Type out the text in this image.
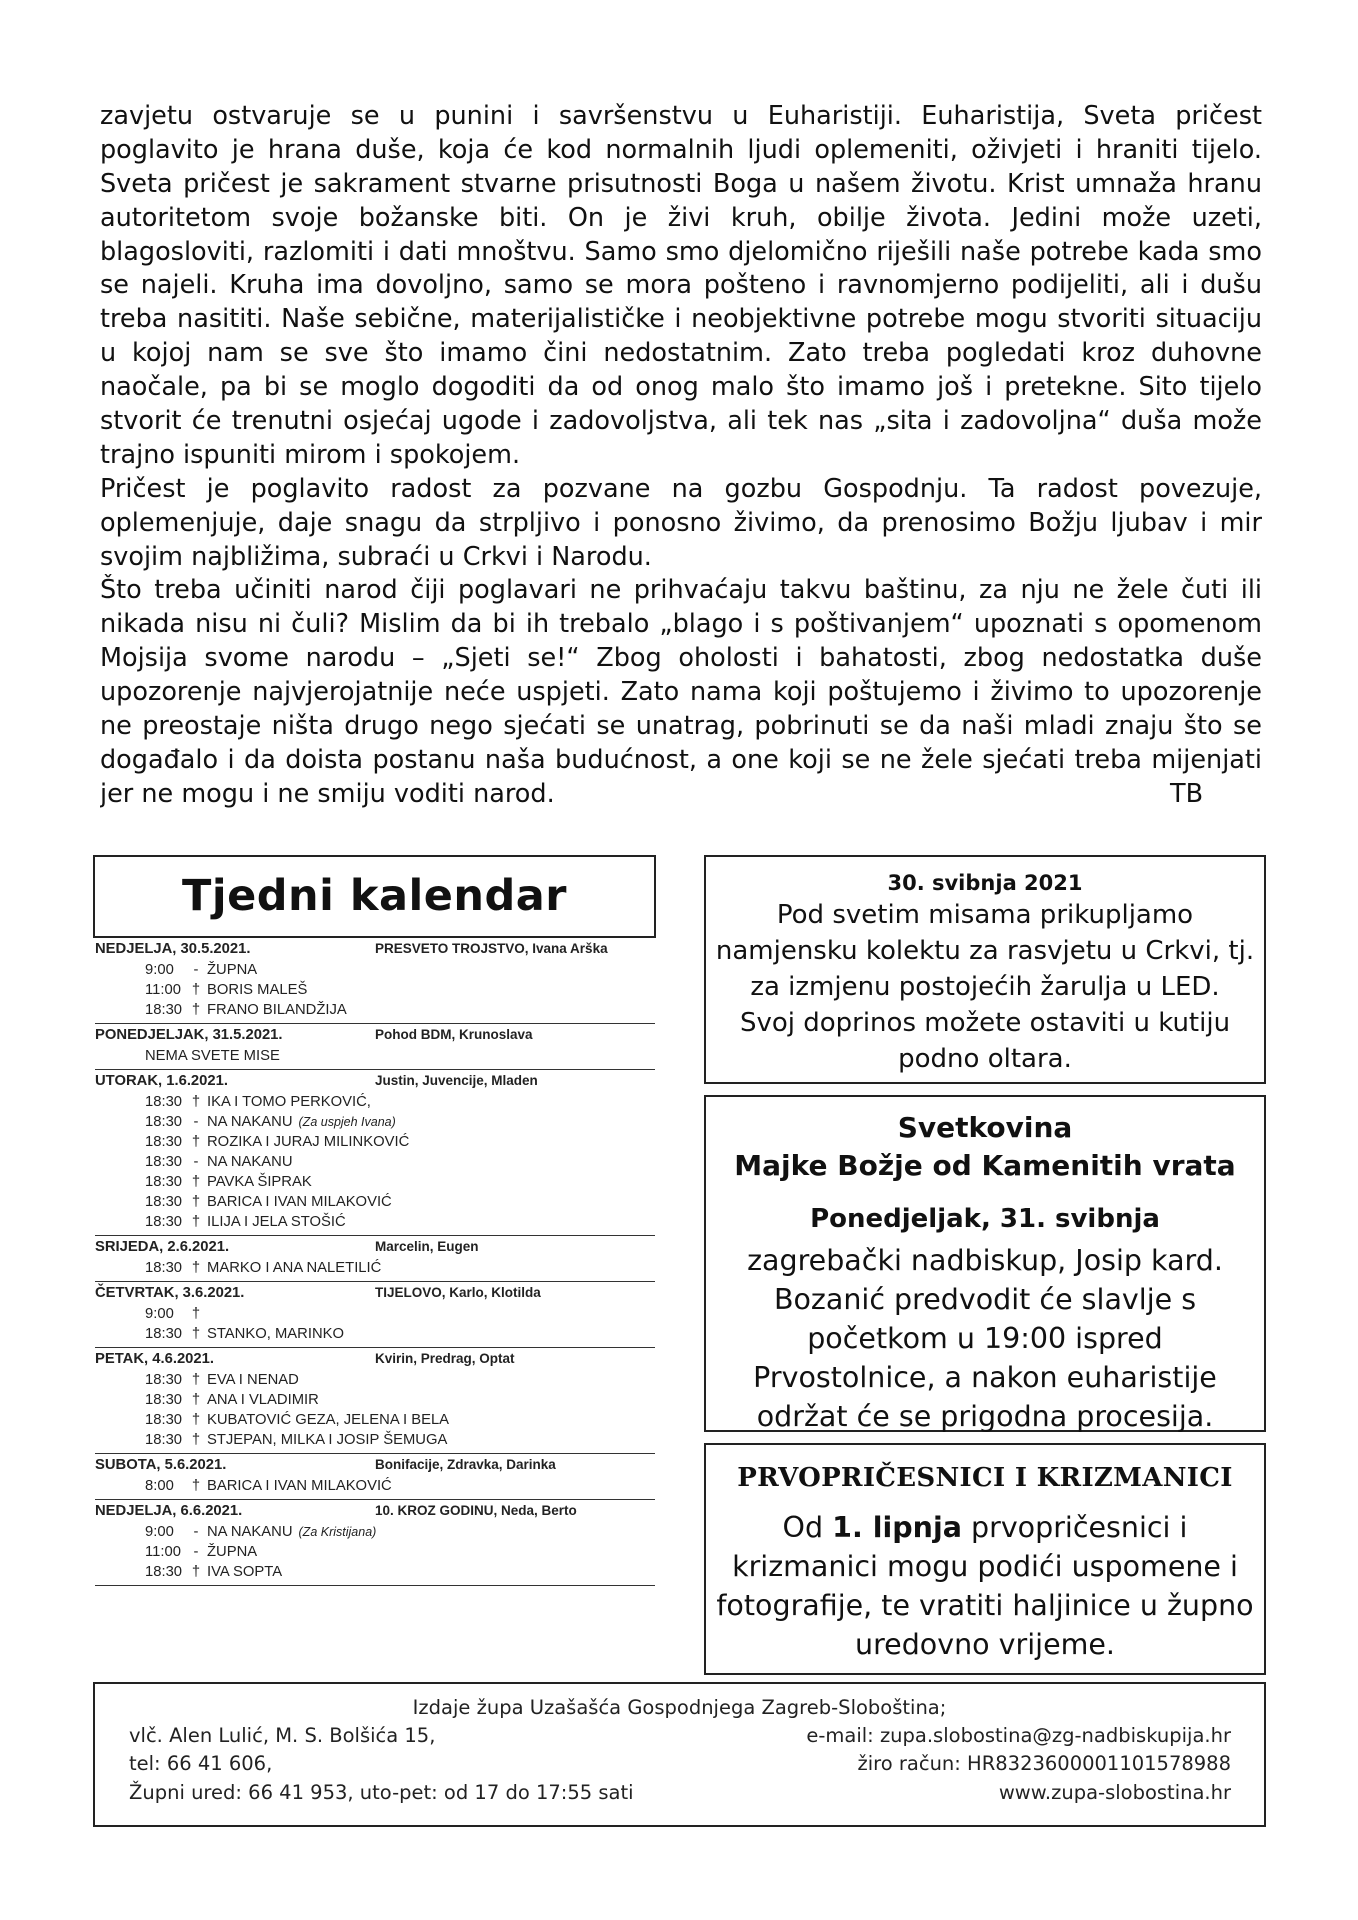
zavjetu ostvaruje se u punini i savršenstvu u Euharistiji. Euharistija, Sveta pričest
poglavito je hrana duše, koja će kod normalnih ljudi oplemeniti, oživjeti i hraniti tijelo.
Sveta pričest je sakrament stvarne prisutnosti Boga u našem životu. Krist umnaža hranu
autoritetom svoje božanske biti. On je živi kruh, obilje života. Jedini može uzeti,
blagosloviti, razlomiti i dati mnoštvu. Samo smo djelomično riješili naše potrebe kada smo
se najeli. Kruha ima dovoljno, samo se mora pošteno i ravnomjerno podijeliti, ali i dušu
treba nasititi. Naše sebične, materijalističke i neobjektivne potrebe mogu stvoriti situaciju
u kojoj nam se sve što imamo čini nedostatnim. Zato treba pogledati kroz duhovne
naočale, pa bi se moglo dogoditi da od onog malo što imamo još i pretekne. Sito tijelo
stvorit će trenutni osjećaj ugode i zadovoljstva, ali tek nas „sita i zadovoljna“ duša može
trajno ispuniti mirom i spokojem.
Pričest je poglavito radost za pozvane na gozbu Gospodnju. Ta radost povezuje,
oplemenjuje, daje snagu da strpljivo i ponosno živimo, da prenosimo Božju ljubav i mir
svojim najbližima, subraći u Crkvi i Narodu.
Što treba učiniti narod čiji poglavari ne prihvaćaju takvu baštinu, za nju ne žele čuti ili
nikada nisu ni čuli? Mislim da bi ih trebalo „blago i s poštivanjem“ upoznati s opomenom
Mojsija svome narodu – „Sjeti se!“ Zbog oholosti i bahatosti, zbog nedostatka duše
upozorenje najvjerojatnije neće uspjeti. Zato nama koji poštujemo i živimo to upozorenje
ne preostaje ništa drugo nego sjećati se unatrag, pobrinuti se da naši mladi znaju što se
događalo i da doista postanu naša budućnost, a one koji se ne žele sjećati treba mijenjati
jer ne mogu i ne smiju voditi narod.	TB
Tjedni kalendar
NEDJELJA, 30.5.2021.	PRESVETO TROJSTVO, Ivana Arška
9:00 - ŽUPNA
11:00 † BORIS MALEŠ
18:30 † FRANO BILANDŽIJA
PONEDJELJAK, 31.5.2021.	Pohod BDM, Krunoslava
NEMA SVETE MISE
UTORAK, 1.6.2021.	Justin, Juvencije, Mladen
18:30 † IKA I TOMO PERKOVIĆ,
18:30 - NA NAKANU (Za uspjeh Ivana)
18:30 † ROZIKA I JURAJ MILINKOVIĆ
18:30 - NA NAKANU
18:30 † PAVKA ŠIPRAK
18:30 † BARICA I IVAN MILAKOVIĆ
18:30 † ILIJA I JELA STOŠIĆ
SRIJEDA, 2.6.2021.	Marcelin, Eugen
18:30 † MARKO I ANA NALETILIĆ
ČETVRTAK, 3.6.2021.	TIJELOVO, Karlo, Klotilda
9:00 †
18:30 † STANKO, MARINKO
PETAK, 4.6.2021.	Kvirin, Predrag, Optat
18:30 † EVA I NENAD
18:30 † ANA I VLADIMIR
18:30 † KUBATOVIĆ GEZA, JELENA I BELA
18:30 † STJEPAN, MILKA I JOSIP ŠEMUGA
SUBOTA, 5.6.2021.	Bonifacije, Zdravka, Darinka
8:00 † BARICA I IVAN MILAKOVIĆ
NEDJELJA, 6.6.2021.	10. KROZ GODINU, Neda, Berto
9:00 - NA NAKANU (Za Kristijana)
11:00 - ŽUPNA
18:30 † IVA SOPTA
30. svibnja 2021
Pod svetim misama prikupljamo
namjensku kolektu za rasvjetu u Crkvi, tj.
za izmjenu postojećih žarulja u LED.
Svoj doprinos možete ostaviti u kutiju
podno oltara.
Svetkovina
Majke Božje od Kamenitih vrata
Ponedjeljak, 31. svibnja
zagrebački nadbiskup, Josip kard.
Bozanić predvodit će slavlje s
početkom u 19:00 ispred
Prvostolnice, a nakon euharistije
održat će se prigodna procesija.
PRVOPRIČESNICI I KRIZMANICI
Od 1. lipnja prvopričesnici i
krizmanici mogu podići uspomene i
fotografije, te vratiti haljinice u župno
uredovno vrijeme.
Izdaje župa Uzašašća Gospodnjega Zagreb-Sloboština;
vlč. Alen Lulić, M. S. Bolšića 15,
tel: 66 41 606,
Župni ured: 66 41 953, uto-pet: od 17 do 17:55 sati
e-mail: zupa.slobostina@zg-nadbiskupija.hr
žiro račun: HR8323600001101578988
www.zupa-slobostina.hr
